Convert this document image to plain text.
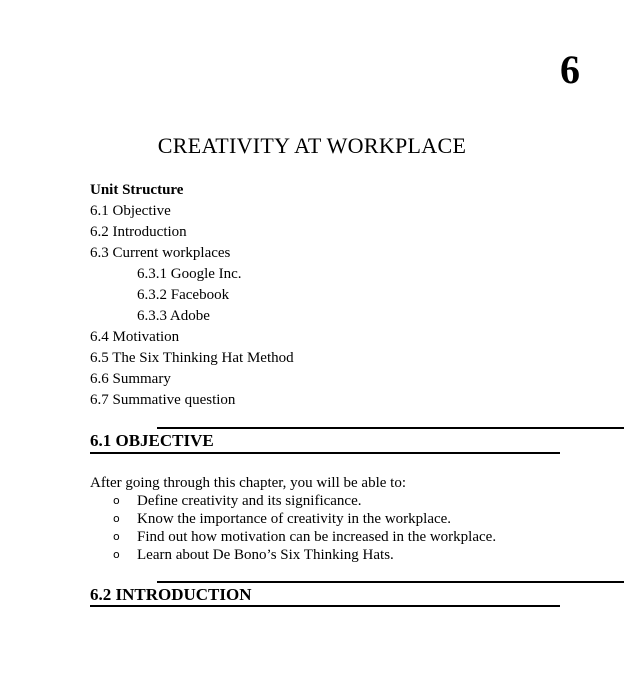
6
CREATIVITY AT WORKPLACE
Unit Structure
6.1 Objective
6.2 Introduction
6.3 Current workplaces
6.3.1 Google Inc.
6.3.2 Facebook
6.3.3 Adobe
6.4 Motivation
6.5 The Six Thinking Hat Method
6.6 Summary
6.7 Summative question
6.1 OBJECTIVE
After going through this chapter, you will be able to:
o Define creativity and its significance.
o Know the importance of creativity in the workplace.
o Find out how motivation can be increased in the workplace.
o Learn about De Bono’s Six Thinking Hats.
6.2 INTRODUCTION
